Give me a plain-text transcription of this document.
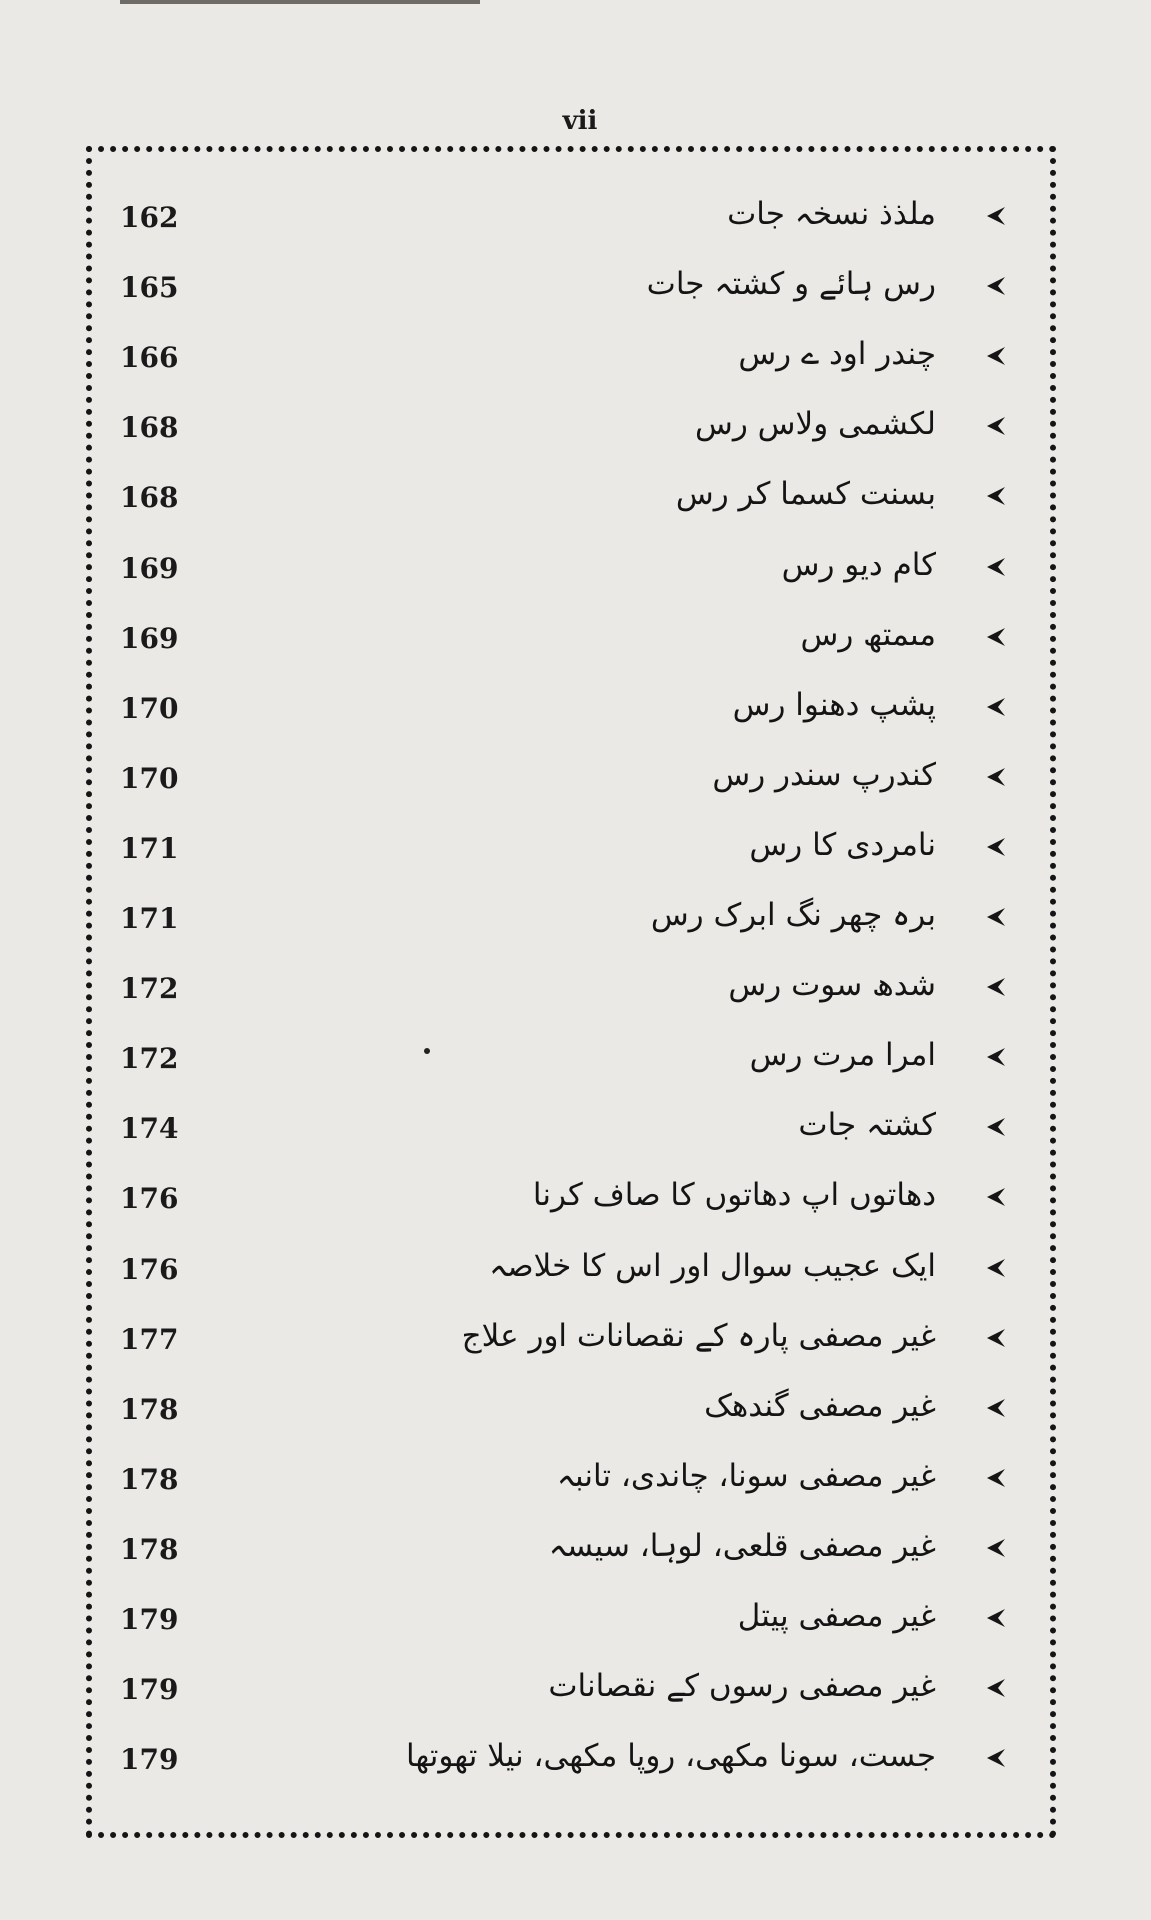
vii
162	ملذذ نسخہ جات
165	رس ہائے و کشتہ جات
166	چندر اود ے رس
168	لکشمی ولاس رس
168	بسنت کسما کر رس
169	کام دیو رس
169	مںمتھ رس
170	پشپ دھنوا رس
170	کندرپ سندر رس
171	نامردی کا رس
171	برہ چھر نگ ابرک رس
172	شدھ سوت رس
172	امرا مرت رس
174	کشتہ جات
176	دھاتوں اپ دھاتوں کا صاف کرنا
176	ایک عجیب سوال اور اس کا خلاصہ
177	غیر مصفی پارہ کے نقصانات اور علاج
178	غیر مصفی گندھک
178	غیر مصفی سونا، چاندی، تانبہ
178	غیر مصفی قلعی، لوہا، سیسہ
179	غیر مصفی پیتل
179	غیر مصفی رسوں کے نقصانات
179	جست، سونا مکھی، روپا مکھی، نیلا تھوتھا
